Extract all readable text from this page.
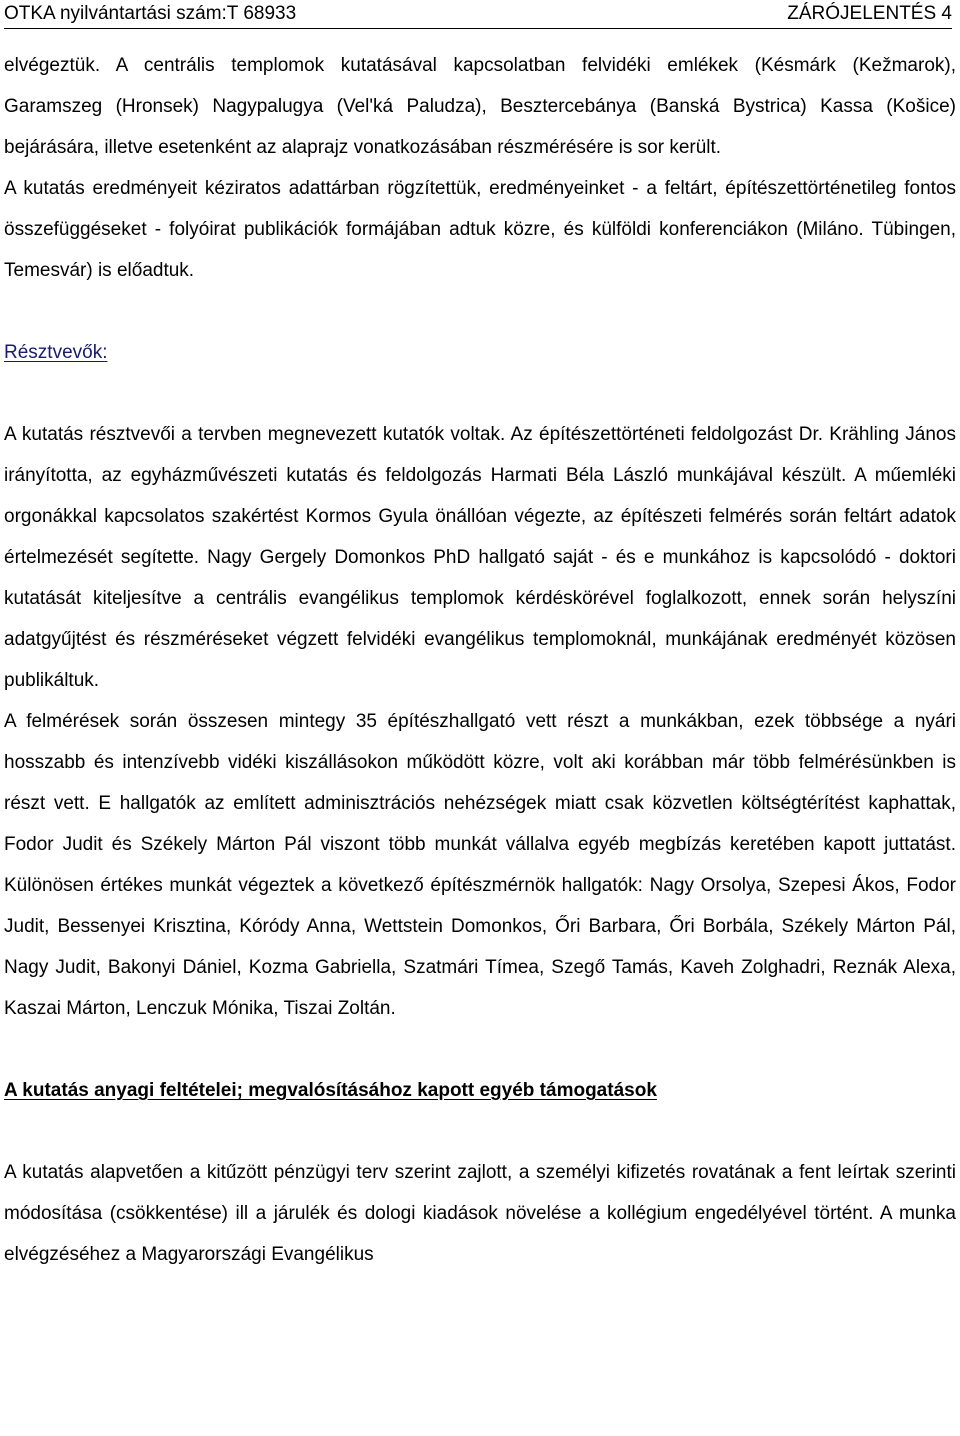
OTKA nyilvántartási szám:T 68933	ZÁRÓJELENTÉS 4

elvégeztük. A centrális templomok kutatásával kapcsolatban felvidéki emlékek (Késmárk (Kežmarok), Garamszeg (Hronsek) Nagypalugya (Vel'ká Paludza), Besztercebánya (Banská Bystrica) Kassa (Košice) bejárására, illetve esetenként az alaprajz vonatkozásában részmérésére is sor került.

A kutatás eredményeit kéziratos adattárban rögzítettük, eredményeinket - a feltárt, építészettörténetileg fontos összefüggéseket - folyóirat publikációk formájában adtuk közre, és külföldi konferenciákon (Miláno. Tübingen, Temesvár) is előadtuk.

Résztvevők:

A kutatás résztvevői a tervben megnevezett kutatók voltak. Az építészettörténeti feldolgozást Dr. Krähling János irányította, az egyházművészeti kutatás és feldolgozás Harmati Béla László munkájával készült. A műemléki orgonákkal kapcsolatos szakértést Kormos Gyula önállóan végezte, az építészeti felmérés során feltárt adatok értelmezését segítette. Nagy Gergely Domonkos PhD hallgató saját - és e munkához is kapcsolódó - doktori kutatását kiteljesítve a centrális evangélikus templomok kérdéskörével foglalkozott, ennek során helyszíni adatgyűjtést és részméréseket végzett felvidéki evangélikus templomoknál, munkájának eredményét közösen publikáltuk.

A felmérések során összesen mintegy 35 építészhallgató vett részt a munkákban, ezek többsége a nyári hosszabb és intenzívebb vidéki kiszállásokon működött közre, volt aki korábban már több felmérésünkben is részt vett. E hallgatók az említett adminisztrációs nehézségek miatt csak közvetlen költségtérítést kaphattak, Fodor Judit és Székely Márton Pál viszont több munkát vállalva egyéb megbízás keretében kapott juttatást. Különösen értékes munkát végeztek a következő építészmérnök hallgatók: Nagy Orsolya, Szepesi Ákos, Fodor Judit, Bessenyei Krisztina, Kóródy Anna, Wettstein Domonkos, Őri Barbara, Őri Borbála, Székely Márton Pál, Nagy Judit, Bakonyi Dániel, Kozma Gabriella, Szatmári Tímea, Szegő Tamás, Kaveh Zolghadri, Reznák Alexa, Kaszai Márton, Lenczuk Mónika, Tiszai Zoltán.

A kutatás anyagi feltételei; megvalósításához kapott egyéb támogatások

A kutatás alapvetően a kitűzött pénzügyi terv szerint zajlott, a személyi kifizetés rovatának a fent leírtak szerinti módosítása (csökkentése) ill a járulék és dologi kiadások növelése a kollégium engedélyével történt. A munka elvégzéséhez a Magyarországi Evangélikus
